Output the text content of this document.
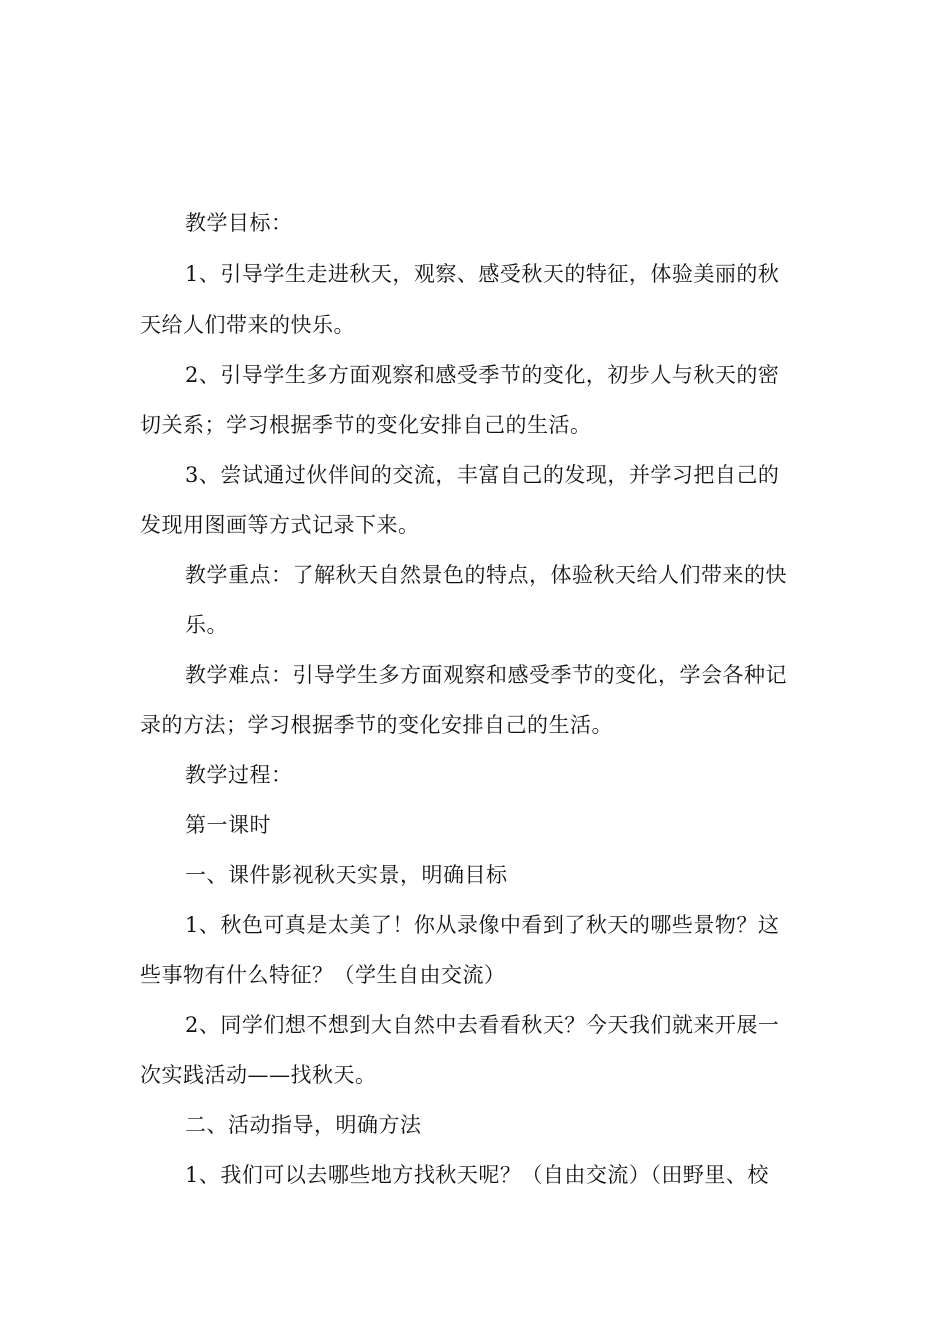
教学目标：
1、引导学生走进秋天，观察、感受秋天的特征，体验美丽的秋
天给人们带来的快乐。
2、引导学生多方面观察和感受季节的变化，初步人与秋天的密
切关系；学习根据季节的变化安排自己的生活。
3、尝试通过伙伴间的交流，丰富自己的发现，并学习把自己的
发现用图画等方式记录下来。
教学重点：了解秋天自然景色的特点，体验秋天给人们带来的快
乐。
教学难点：引导学生多方面观察和感受季节的变化，学会各种记
录的方法；学习根据季节的变化安排自己的生活。
教学过程：
第一课时
一、课件影视秋天实景，明确目标
1、秋色可真是太美了！你从录像中看到了秋天的哪些景物？这
些事物有什么特征？（学生自由交流）
2、同学们想不想到大自然中去看看秋天？今天我们就来开展一
次实践活动——找秋天。
二、活动指导，明确方法
1、我们可以去哪些地方找秋天呢？（自由交流）（田野里、校
